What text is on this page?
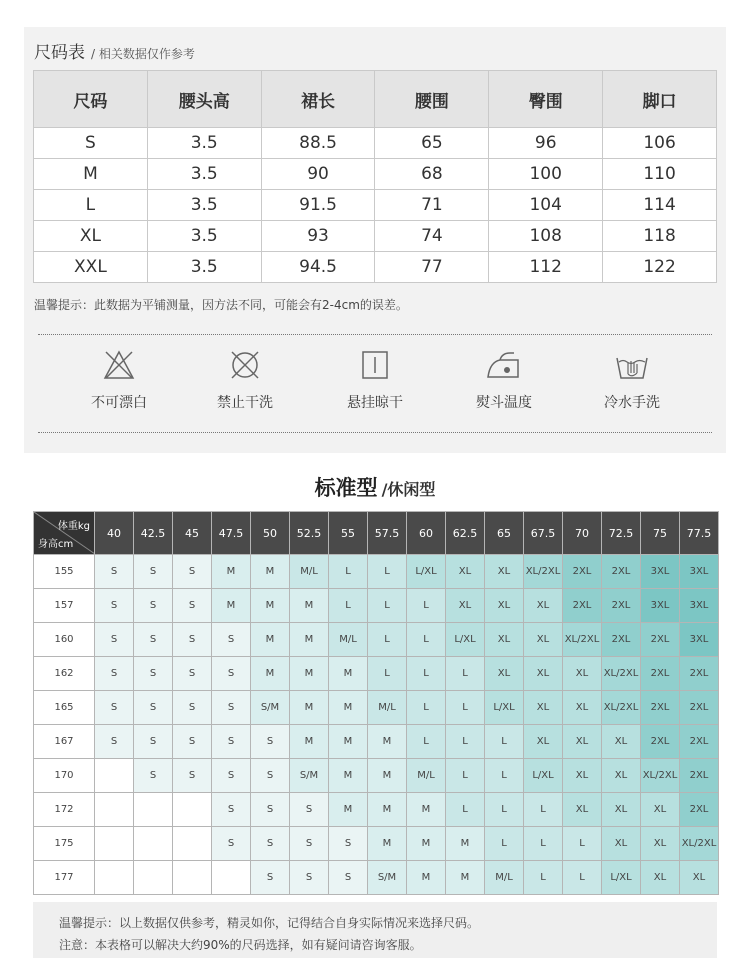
尺码表 / 相关数据仅作参考
尺码	腰头高	裙长	腰围	臀围	脚口
S	3.5	88.5	65	96	106
M	3.5	90	68	100	110
L	3.5	91.5	71	104	114
XL	3.5	93	74	108	118
XXL	3.5	94.5	77	112	122
温馨提示：此数据为平铺测量，因方法不同，可能会有2-4cm的误差。
不可漂白	禁止干洗	悬挂晾干	熨斗温度	冷水手洗
标准型 /休闲型
体重kg
身高cm	40	42.5	45	47.5	50	52.5	55	57.5	60	62.5	65	67.5	70	72.5	75	77.5
155	S	S	S	M	M	M/L	L	L	L/XL	XL	XL	XL/2XL	2XL	2XL	3XL	3XL
157	S	S	S	M	M	M	L	L	L	XL	XL	XL	2XL	2XL	3XL	3XL
160	S	S	S	S	M	M	M/L	L	L	L/XL	XL	XL	XL/2XL	2XL	2XL	3XL
162	S	S	S	S	M	M	M	L	L	L	XL	XL	XL	XL/2XL	2XL	2XL
165	S	S	S	S	S/M	M	M	M/L	L	L	L/XL	XL	XL	XL/2XL	2XL	2XL
167	S	S	S	S	S	M	M	M	L	L	L	XL	XL	XL	2XL	2XL
170		S	S	S	S	S/M	M	M	M/L	L	L	L/XL	XL	XL	XL/2XL	2XL
172				S	S	S	M	M	M	L	L	L	XL	XL	XL	2XL
175				S	S	S	S	M	M	M	L	L	L	XL	XL	XL/2XL
177					S	S	S	S/M	M	M	M/L	L	L	L/XL	XL	XL
温馨提示：以上数据仅供参考，精灵如你，记得结合自身实际情况来选择尺码。
注意：本表格可以解决大约90%的尺码选择，如有疑问请咨询客服。
